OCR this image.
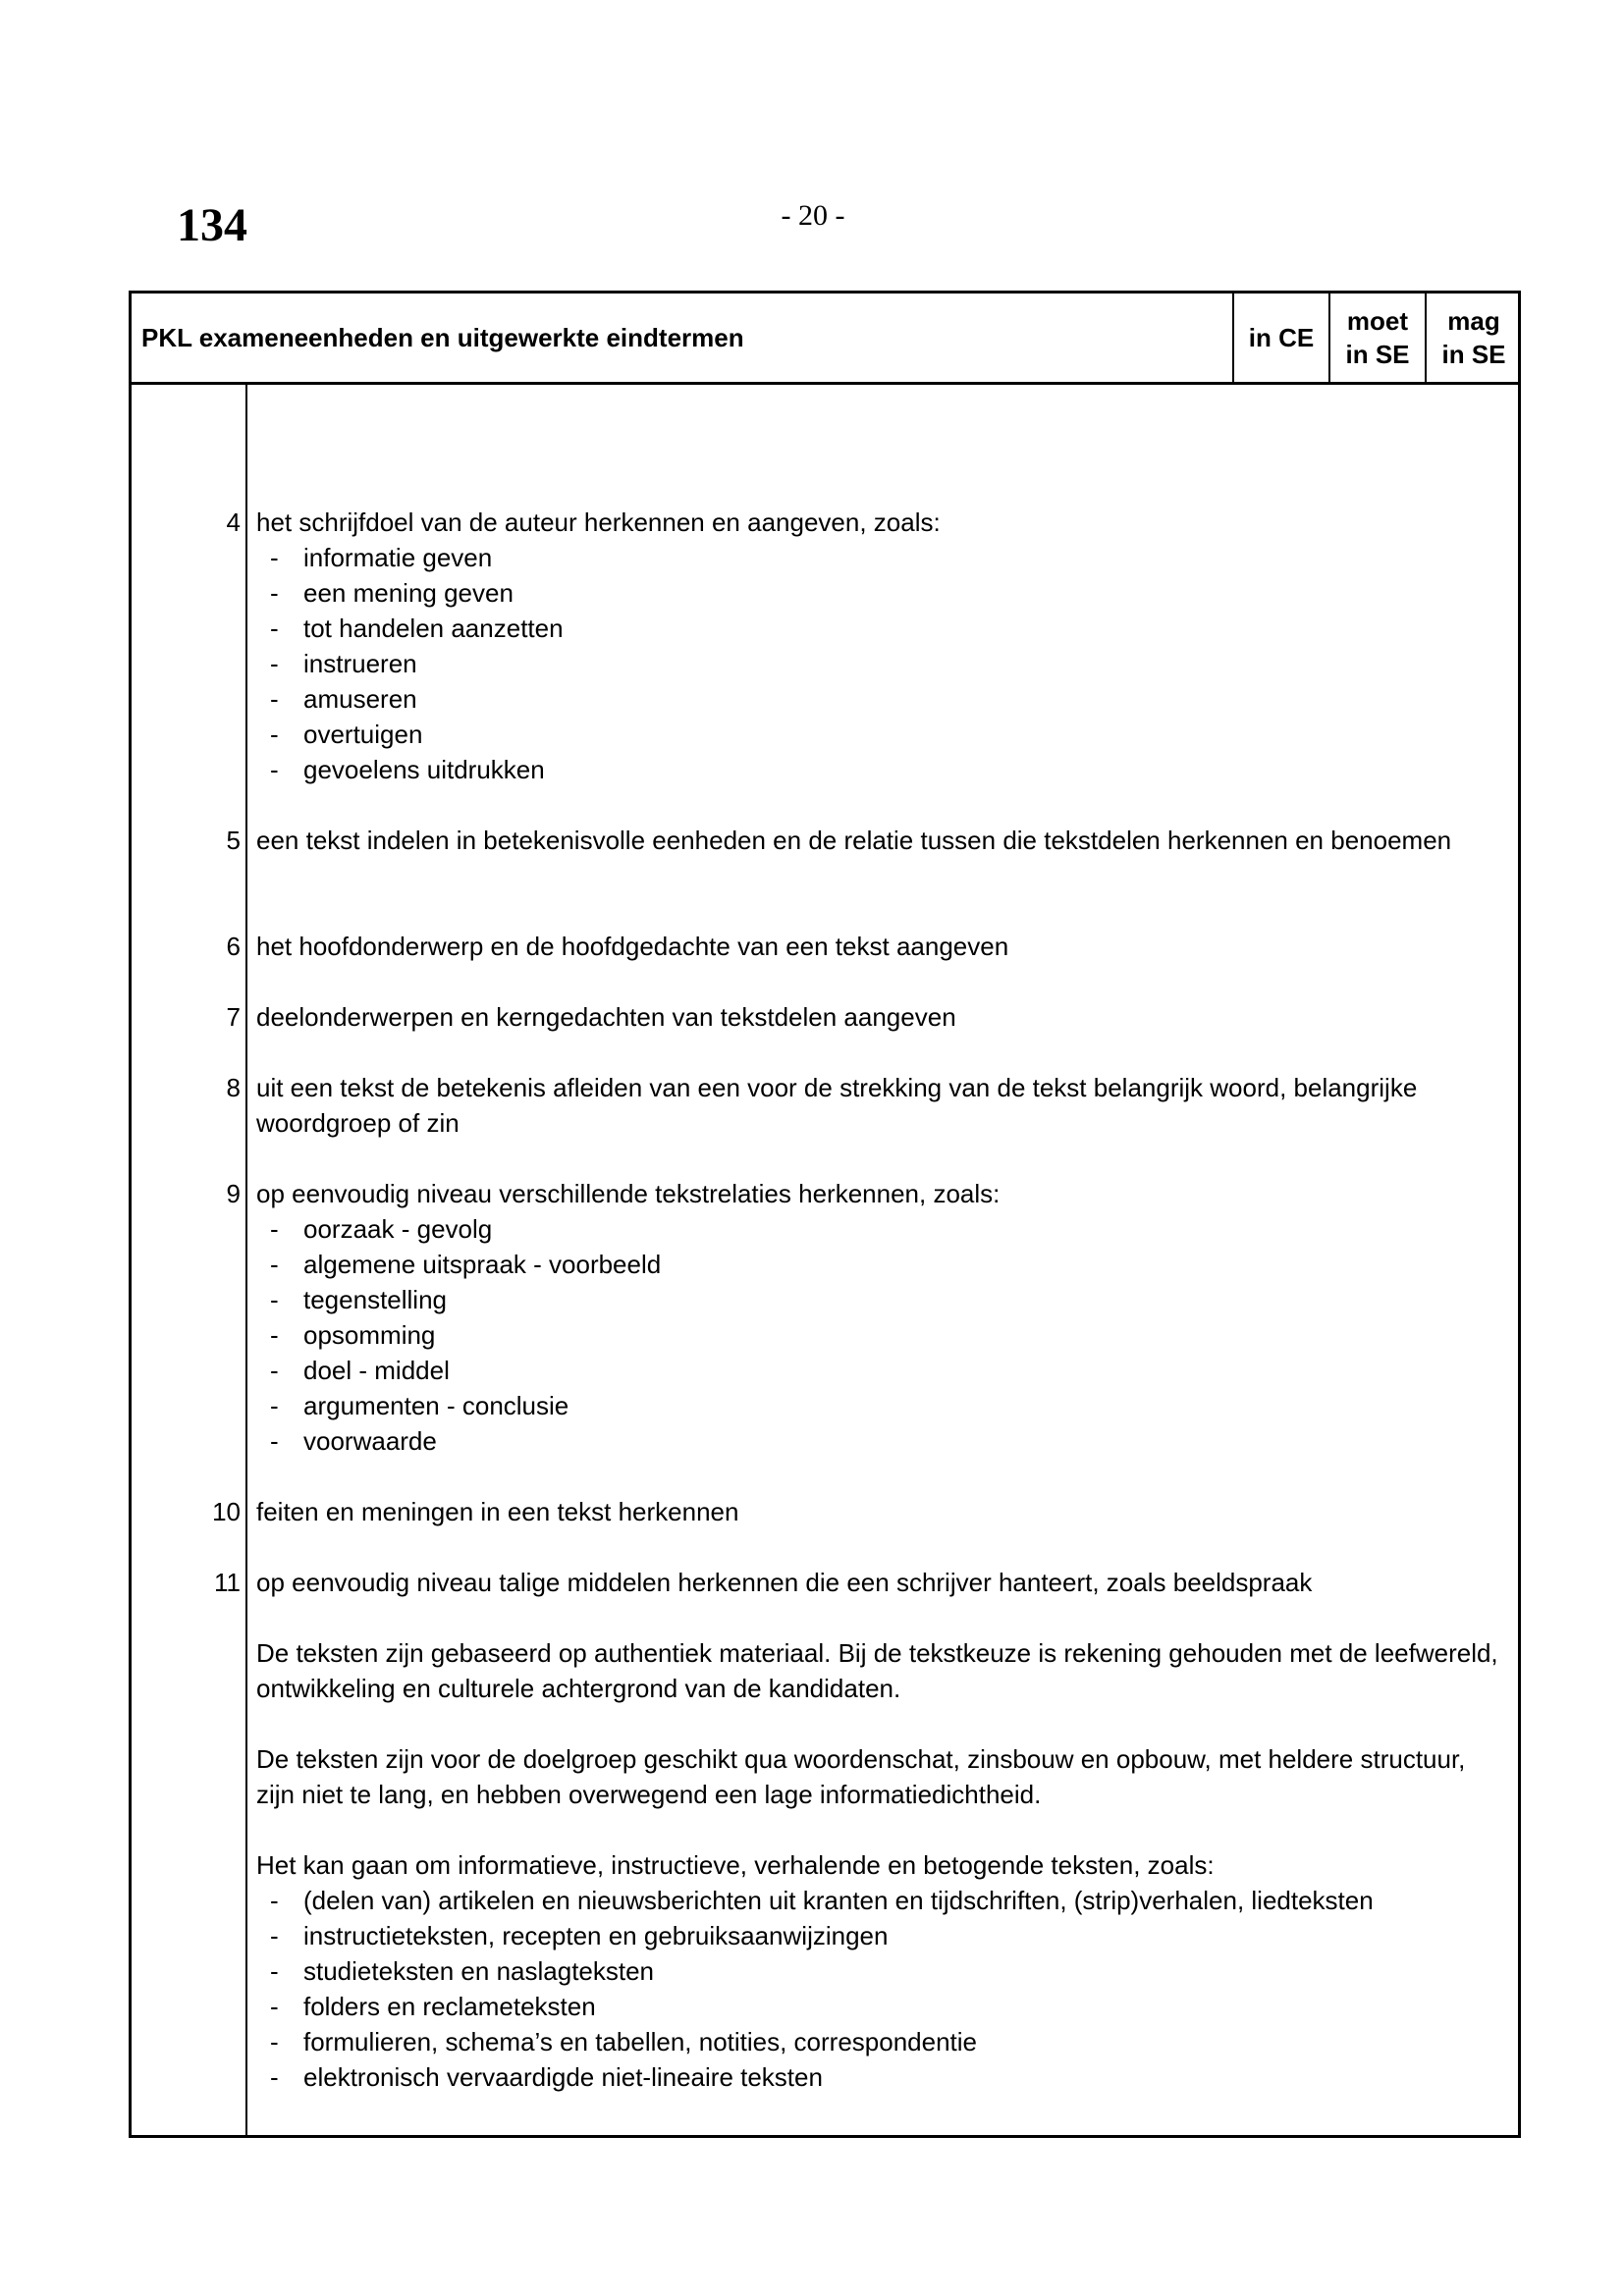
134	- 20 -
PKL exameneenheden en uitgewerkte eindtermen	in CE
moet
in SE
mag
in SE
4 het schrijfdoel van de auteur herkennen en aangeven, zoals:
- informatie geven
- een mening geven
- tot handelen aanzetten
- instrueren
- amuseren
- overtuigen
- gevoelens uitdrukken
5 een tekst indelen in betekenisvolle eenheden en de relatie tussen die tekstdelen herkennen en benoemen
6 het hoofdonderwerp en de hoofdgedachte van een tekst aangeven
7 deelonderwerpen en kerngedachten van tekstdelen aangeven
8 uit een tekst de betekenis afleiden van een voor de strekking van de tekst belangrijk woord, belangrijke woordgroep of zin
9 op eenvoudig niveau verschillende tekstrelaties herkennen, zoals:
- oorzaak - gevolg
- algemene uitspraak - voorbeeld
- tegenstelling
- opsomming
- doel - middel
- argumenten - conclusie
- voorwaarde
10 feiten en meningen in een tekst herkennen
11 op eenvoudig niveau talige middelen herkennen die een schrijver hanteert, zoals beeldspraak
De teksten zijn gebaseerd op authentiek materiaal. Bij de tekstkeuze is rekening gehouden met de leefwereld, ontwikkeling en culturele achtergrond van de kandidaten.
De teksten zijn voor de doelgroep geschikt qua woordenschat, zinsbouw en opbouw, met heldere structuur, zijn niet te lang, en hebben overwegend een lage informatiedichtheid.
Het kan gaan om informatieve, instructieve, verhalende en betogende teksten, zoals:
- (delen van) artikelen en nieuwsberichten uit kranten en tijdschriften, (strip)verhalen, liedteksten
- instructieteksten, recepten en gebruiksaanwijzingen
- studieteksten en naslagteksten
- folders en reclameteksten
- formulieren, schema’s en tabellen, notities, correspondentie
- elektronisch vervaardigde niet-lineaire teksten
